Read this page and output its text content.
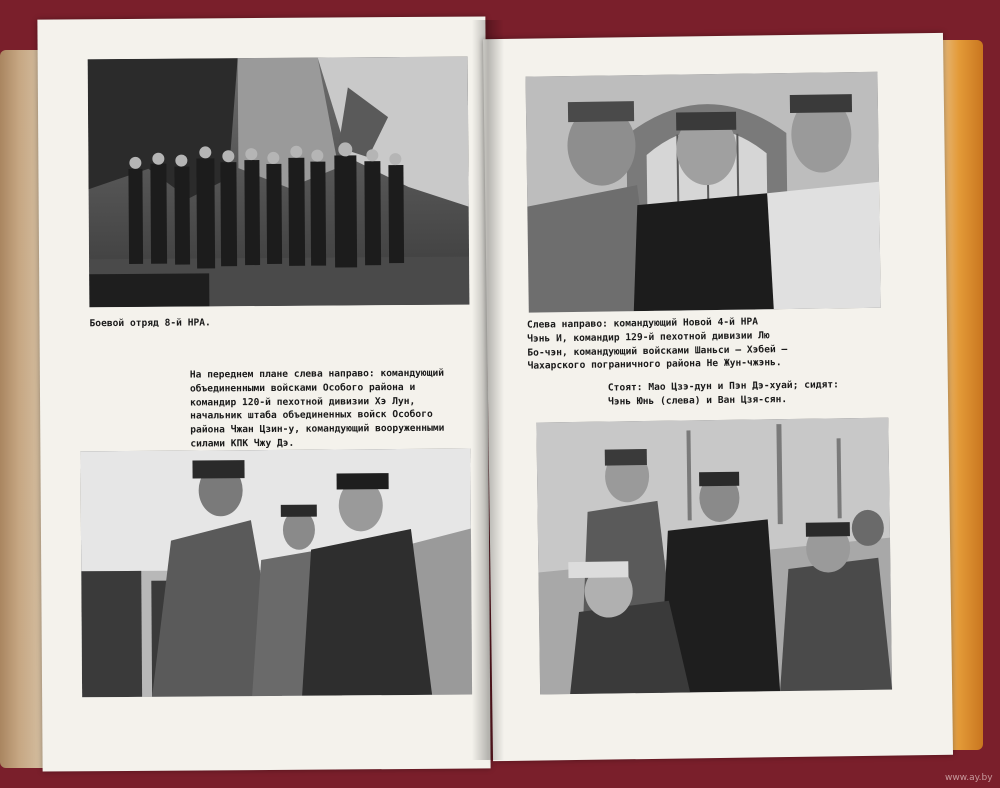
Боевой отряд 8-й НРА.

На переднем плане слева направо: командующий
объединенными войсками Особого района и
командир 120-й пехотной дивизии Хэ Лун,
начальник штаба объединенных войск Особого
района Чжан Цзин-у, командующий вооруженными
силами КПК Чжу Дэ.

Слева направо: командующий Новой 4-й НРА
Чэнь И, командир 129-й пехотной дивизии Лю
Бо-чэн, командующий войсками Шаньси — Хэбей —
Чахарского пограничного района Не Жун-чжэнь.

Стоят: Мао Цзэ-дун и Пэн Дэ-хуай; сидят:
Чэнь Юнь (слева) и Ван Цзя-сян.

www.ay.by
